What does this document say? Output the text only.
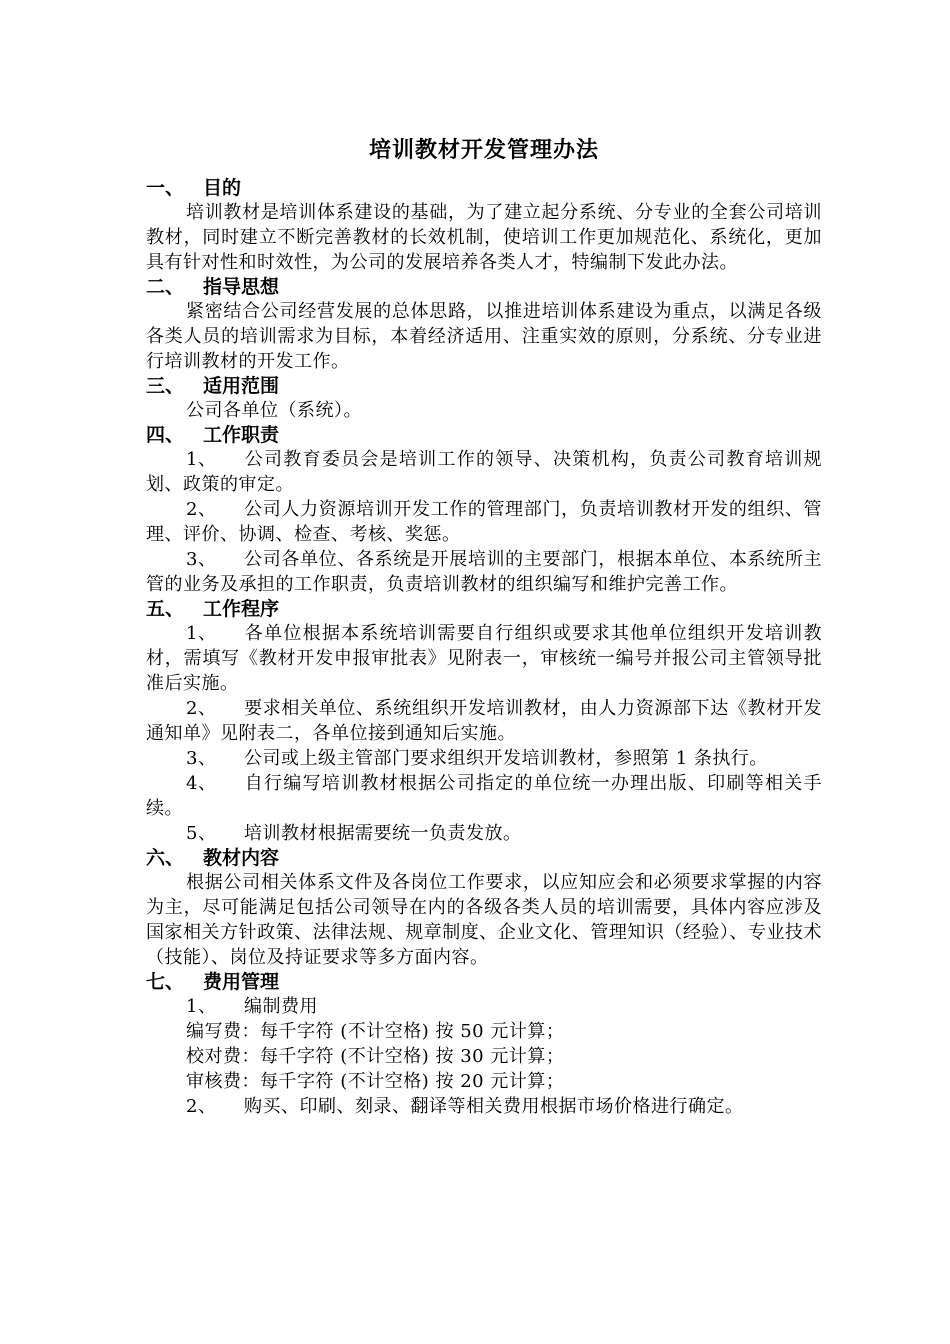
培训教材开发管理办法

一、 目的

培训教材是培训体系建设的基础，为了建立起分系统、分专业的全套公司培训教材，同时建立不断完善教材的长效机制，使培训工作更加规范化、系统化，更加具有针对性和时效性，为公司的发展培养各类人才，特编制下发此办法。

二、 指导思想

紧密结合公司经营发展的总体思路，以推进培训体系建设为重点，以满足各级各类人员的培训需求为目标，本着经济适用、注重实效的原则，分系统、分专业进行培训教材的开发工作。

三、 适用范围

公司各单位（系统）。

四、 工作职责

1、 公司教育委员会是培训工作的领导、决策机构，负责公司教育培训规划、政策的审定。

2、 公司人力资源培训开发工作的管理部门，负责培训教材开发的组织、管理、评价、协调、检查、考核、奖惩。

3、 公司各单位、各系统是开展培训的主要部门，根据本单位、本系统所主管的业务及承担的工作职责，负责培训教材的组织编写和维护完善工作。

五、 工作程序

1、 各单位根据本系统培训需要自行组织或要求其他单位组织开发培训教材，需填写《教材开发申报审批表》见附表一，审核统一编号并报公司主管领导批准后实施。

2、 要求相关单位、系统组织开发培训教材，由人力资源部下达《教材开发通知单》见附表二，各单位接到通知后实施。

3、 公司或上级主管部门要求组织开发培训教材，参照第 1 条执行。

4、 自行编写培训教材根据公司指定的单位统一办理出版、印刷等相关手续。

5、 培训教材根据需要统一负责发放。

六、 教材内容

根据公司相关体系文件及各岗位工作要求，以应知应会和必须要求掌握的内容为主，尽可能满足包括公司领导在内的各级各类人员的培训需要，具体内容应涉及国家相关方针政策、法律法规、规章制度、企业文化、管理知识（经验）、专业技术（技能）、岗位及持证要求等多方面内容。

七、 费用管理

1、 编制费用

编写费：每千字符 (不计空格) 按 50 元计算；

校对费：每千字符 (不计空格) 按 30 元计算；

审核费：每千字符 (不计空格) 按 20 元计算；

2、 购买、印刷、刻录、翻译等相关费用根据市场价格进行确定。
